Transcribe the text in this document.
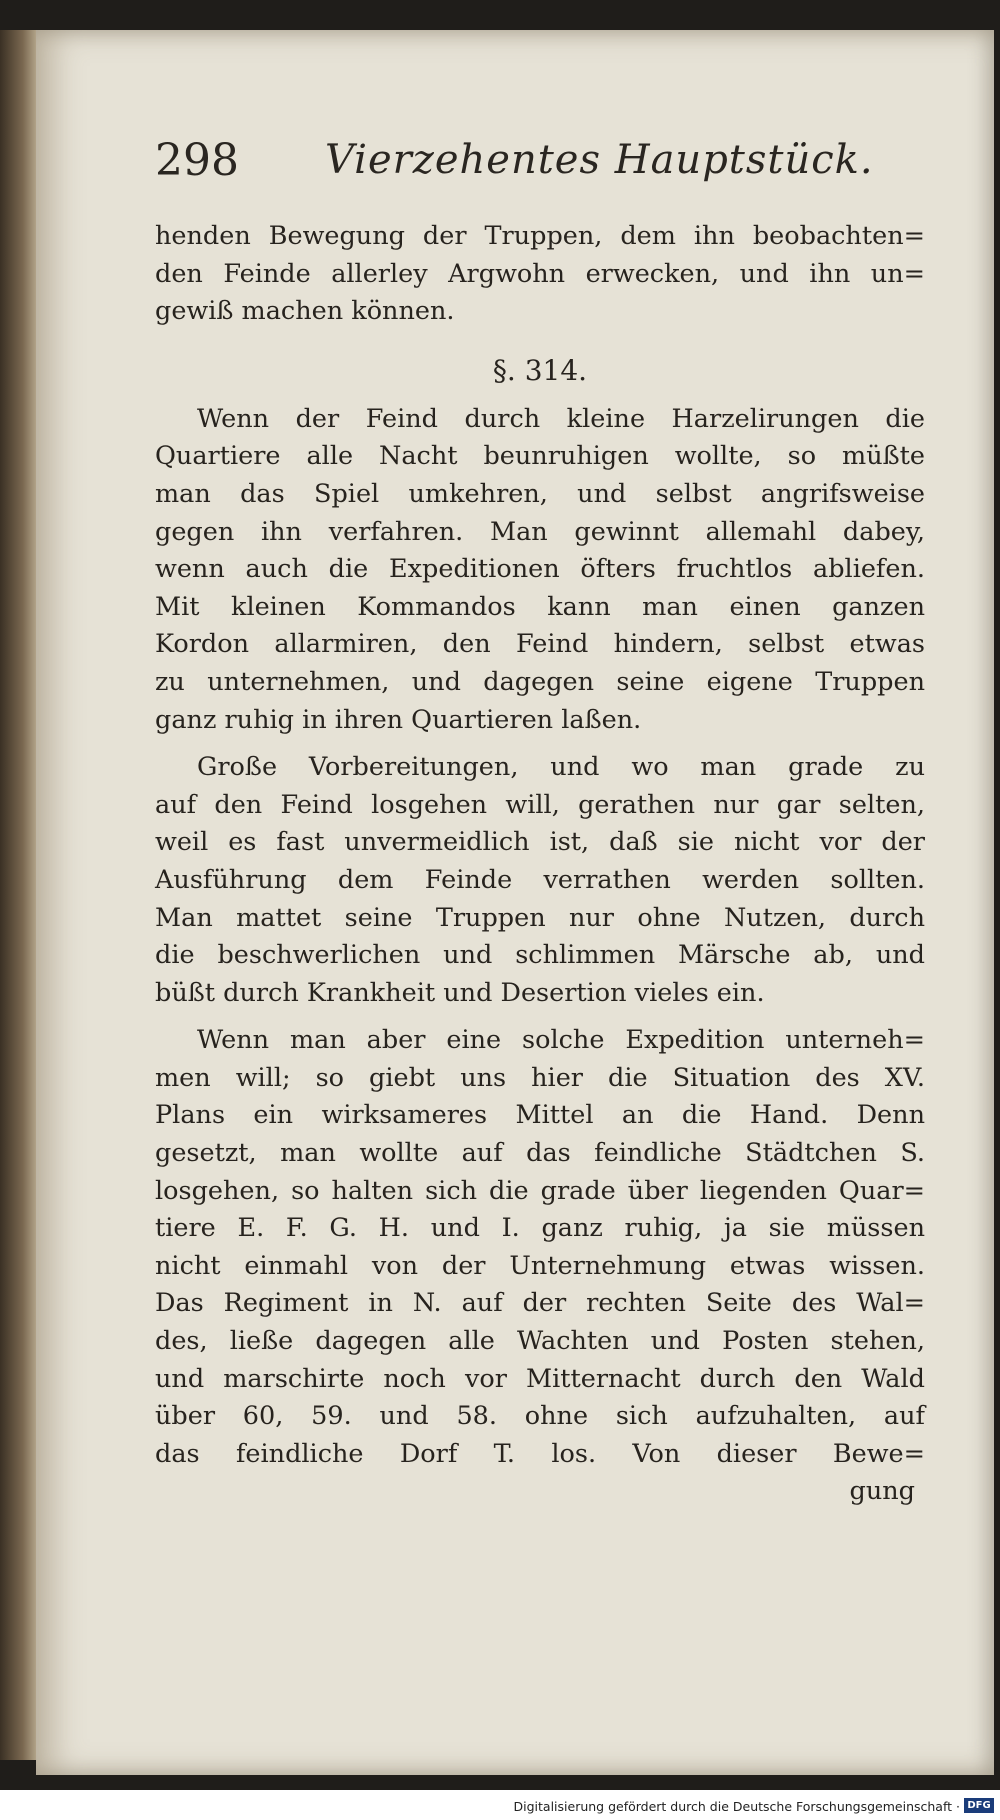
298 Vierzehentes Hauptstück.
henden Bewegung der Truppen, dem ihn beobachten=
den Feinde allerley Argwohn erwecken, und ihn un=
gewiß machen können.
§. 314.
Wenn der Feind durch kleine Harzelirungen die
Quartiere alle Nacht beunruhigen wollte, so müßte
man das Spiel umkehren, und selbst angrifsweise
gegen ihn verfahren. Man gewinnt allemahl dabey,
wenn auch die Expeditionen öfters fruchtlos abliefen.
Mit kleinen Kommandos kann man einen ganzen
Kordon allarmiren, den Feind hindern, selbst etwas
zu unternehmen, und dagegen seine eigene Truppen
ganz ruhig in ihren Quartieren laßen.
Große Vorbereitungen, und wo man grade zu
auf den Feind losgehen will, gerathen nur gar selten,
weil es fast unvermeidlich ist, daß sie nicht vor der
Ausführung dem Feinde verrathen werden sollten.
Man mattet seine Truppen nur ohne Nutzen, durch
die beschwerlichen und schlimmen Märsche ab, und
büßt durch Krankheit und Desertion vieles ein.
Wenn man aber eine solche Expedition unterneh=
men will; so giebt uns hier die Situation des XV.
Plans ein wirksameres Mittel an die Hand. Denn
gesetzt, man wollte auf das feindliche Städtchen S.
losgehen, so halten sich die grade über liegenden Quar=
tiere E. F. G. H. und I. ganz ruhig, ja sie müssen
nicht einmahl von der Unternehmung etwas wissen.
Das Regiment in N. auf der rechten Seite des Wal=
des, ließe dagegen alle Wachten und Posten stehen,
und marschirte noch vor Mitternacht durch den Wald
über 60, 59. und 58. ohne sich aufzuhalten, auf
das feindliche Dorf T. los. Von dieser Bewe=
gung
Digitalisierung gefördert durch die Deutsche Forschungsgemeinschaft · DFG
